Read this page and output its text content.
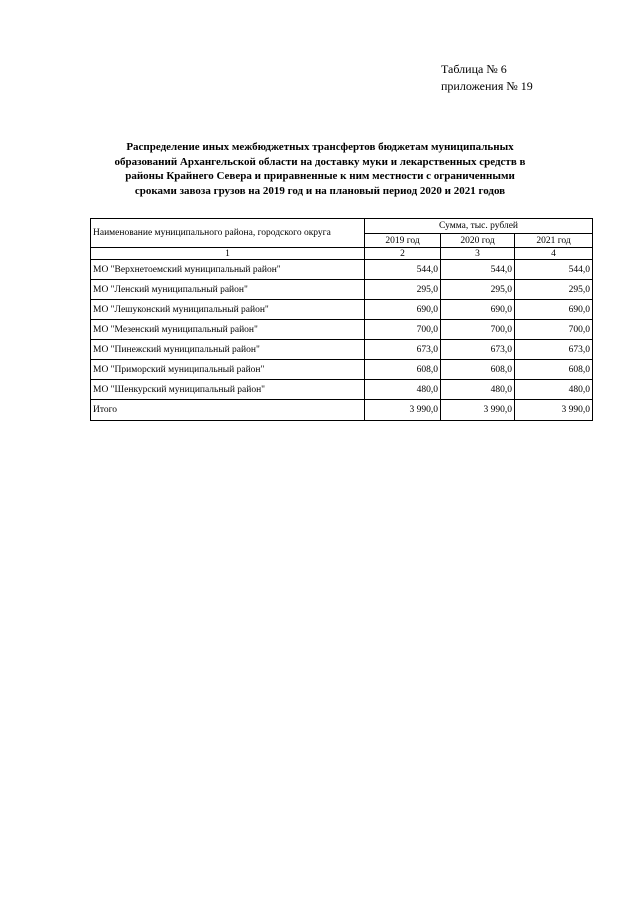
Таблица № 6
приложения № 19
Распределение иных межбюджетных трансфертов бюджетам муниципальных
образований Архангельской области на доставку муки и лекарственных средств в
районы Крайнего Севера и приравненные к ним местности с ограниченными
сроками завоза грузов на 2019 год и на плановый период 2020 и 2021 годов
Наименование муниципального района, городского округа	Сумма, тыс. рублей		
	2019 год	2020 год	2021 год
1	2	3	4
МО "Верхнетоемский муниципальный район"	544,0	544,0	544,0
МО "Ленский муниципальный район"	295,0	295,0	295,0
МО "Лешуконский муниципальный район"	690,0	690,0	690,0
МО "Мезенский муниципальный район"	700,0	700,0	700,0
МО "Пинежский муниципальный район"	673,0	673,0	673,0
МО "Приморский муниципальный район"	608,0	608,0	608,0
МО "Шенкурский муниципальный район"	480,0	480,0	480,0
Итого	3 990,0	3 990,0	3 990,0
